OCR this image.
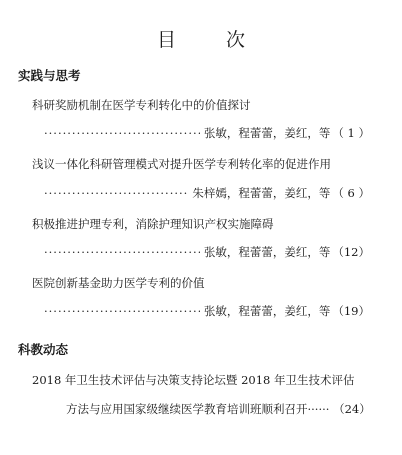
目 次
实践与思考
科研奖励机制在医学专利转化中的价值探讨
·····
张敏，程蕾蕾，姜红，等 （ 1 ）
浅议一体化科研管理模式对提升医学专利转化率的促进作用
·····
朱梓嫣，程蕾蕾，姜红，等 （ 6 ）
积极推进护理专利，消除护理知识产权实施障碍
·····
张敏，程蕾蕾，姜红，等 （12）
医院创新基金助力医学专利的价值
·····
张敏，程蕾蕾，姜红，等 （19）
科教动态
2018 年卫生技术评估与决策支持论坛暨 2018 年卫生技术评估
方法与应用国家级继续医学教育培训班顺利召开······ （24）
